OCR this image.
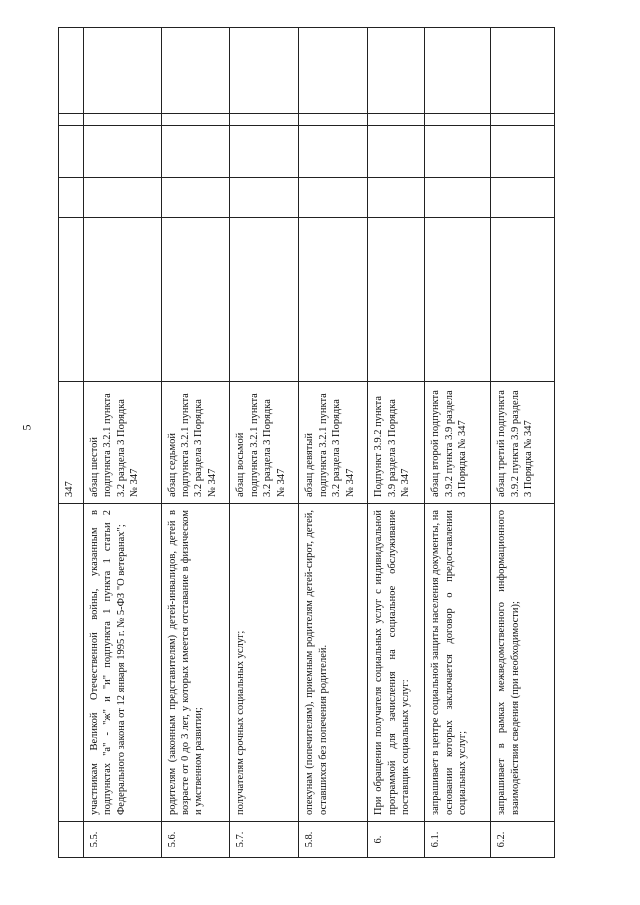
5
		347					
5.5.	участникам Великой Отечественной войны, указанным в подпунктах "а" - "ж" и "и" подпункта 1 пункта 1 статьи 2 Федерального закона от 12 января 1995 г. № 5-ФЗ "О ветеранах";	абзац шестой подпункта 3.2.1 пункта 3.2 раздела 3 Порядка № 347					
5.6.	родителям (законным представителям) детей-инвалидов, детей в возрасте от 0 до 3 лет, у которых имеется отставание в физическом и умственном развитии;	абзац седьмой подпункта 3.2.1 пункта 3.2 раздела 3 Порядка № 347					
5.7.	получателям срочных социальных услуг;	абзац восьмой подпункта 3.2.1 пункта 3.2 раздела 3 Порядка № 347					
5.8.	опекунам (попечителям), приемным родителям детей-сирот, детей, оставшихся без попечения родителей.	абзац девятый подпункта 3.2.1 пункта 3.2 раздела 3 Порядка № 347					
6.	При обращении получателя социальных услуг с индивидуальной программой для зачисления на социальное обслуживание поставщик социальных услуг:	Подпункт 3.9.2 пункта 3.9 раздела 3 Порядка № 347					
6.1.	запрашивает в центре социальной защиты населения документы, на основании которых заключается договор о предоставлении социальных услуг;	абзац второй подпункта 3.9.2 пункта 3.9 раздела 3 Порядка № 347					
6.2.	запрашивает в рамках межведомственного информационного взаимодействия сведения (при необходимости);	абзац третий подпункта 3.9.2 пункта 3.9 раздела 3 Порядка № 347					
